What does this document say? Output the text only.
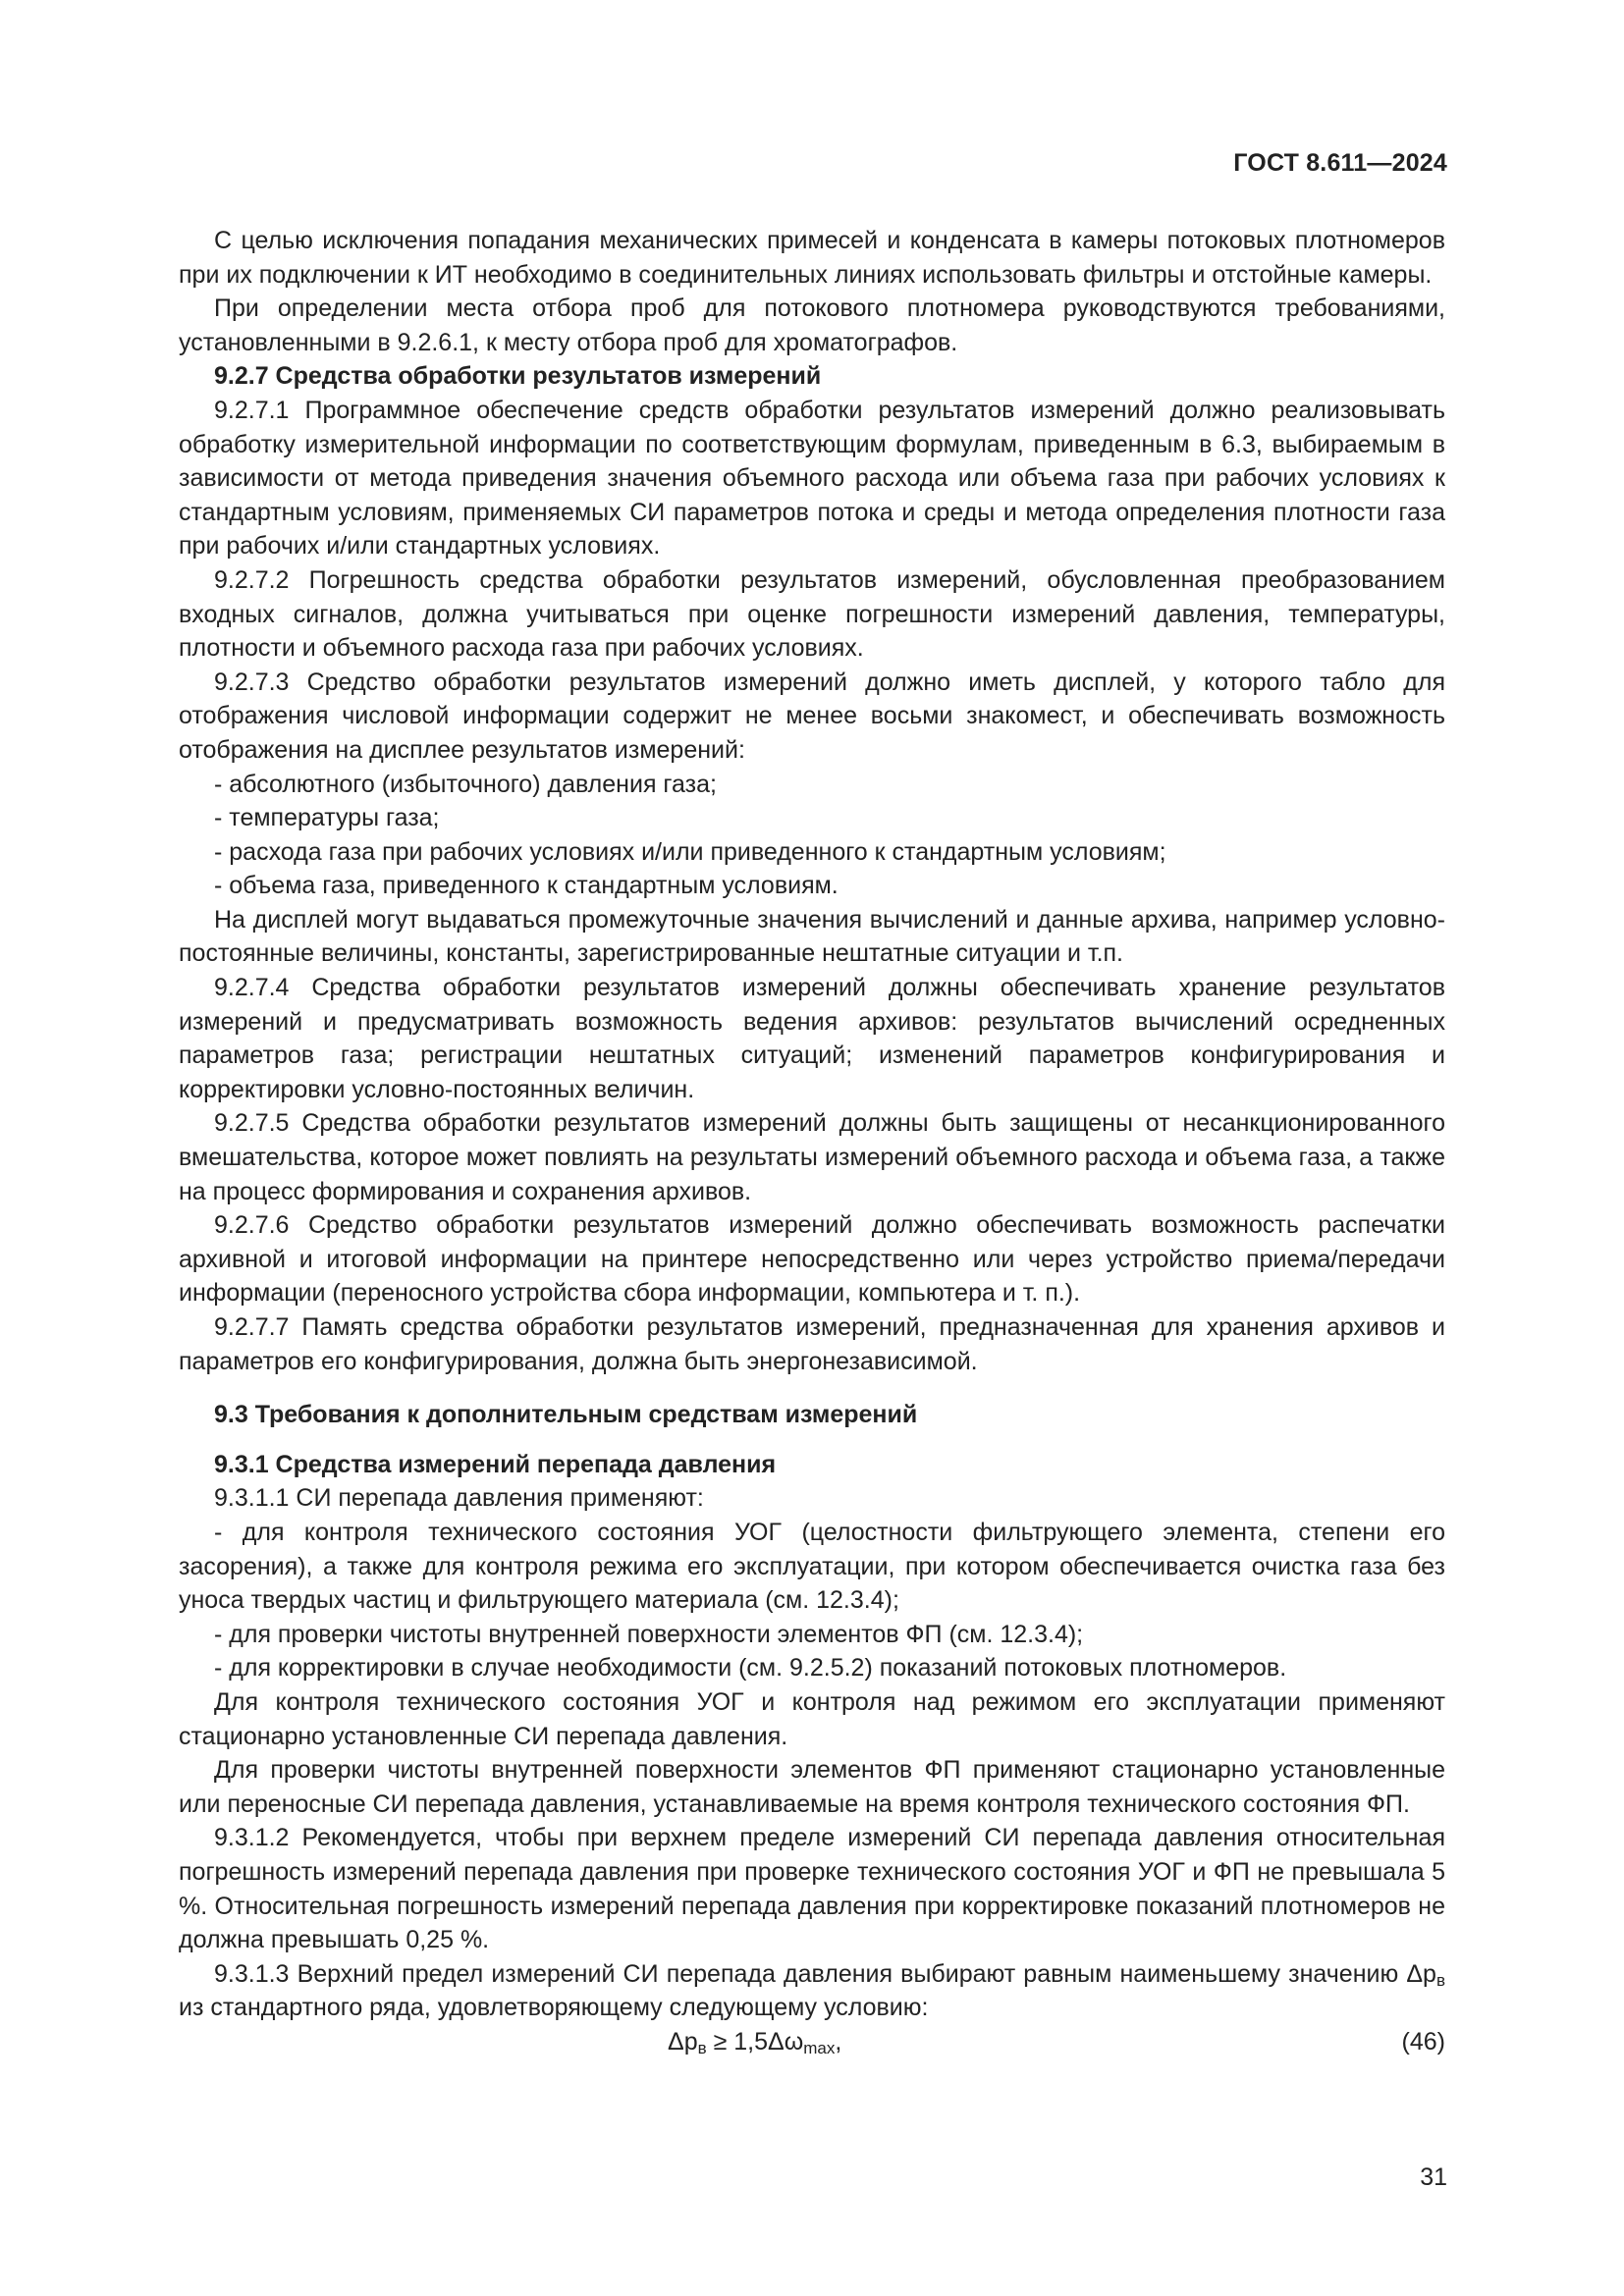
ГОСТ 8.611—2024

С целью исключения попадания механических примесей и конденсата в камеры потоковых плотномеров при их подключении к ИТ необходимо в соединительных линиях использовать фильтры и отстойные камеры.

При определении места отбора проб для потокового плотномера руководствуются требованиями, установленными в 9.2.6.1, к месту отбора проб для хроматографов.

9.2.7 Средства обработки результатов измерений

9.2.7.1 Программное обеспечение средств обработки результатов измерений должно реализовывать обработку измерительной информации по соответствующим формулам, приведенным в 6.3, выбираемым в зависимости от метода приведения значения объемного расхода или объема газа при рабочих условиях к стандартным условиям, применяемых СИ параметров потока и среды и метода определения плотности газа при рабочих и/или стандартных условиях.

9.2.7.2 Погрешность средства обработки результатов измерений, обусловленная преобразованием входных сигналов, должна учитываться при оценке погрешности измерений давления, температуры, плотности и объемного расхода газа при рабочих условиях.

9.2.7.3 Средство обработки результатов измерений должно иметь дисплей, у которого табло для отображения числовой информации содержит не менее восьми знакомест, и обеспечивать возможность отображения на дисплее результатов измерений:

- абсолютного (избыточного) давления газа;

- температуры газа;

- расхода газа при рабочих условиях и/или приведенного к стандартным условиям;

- объема газа, приведенного к стандартным условиям.

На дисплей могут выдаваться промежуточные значения вычислений и данные архива, например условно-постоянные величины, константы, зарегистрированные нештатные ситуации и т.п.

9.2.7.4 Средства обработки результатов измерений должны обеспечивать хранение результатов измерений и предусматривать возможность ведения архивов: результатов вычислений осредненных параметров газа; регистрации нештатных ситуаций; изменений параметров конфигурирования и корректировки условно-постоянных величин.

9.2.7.5 Средства обработки результатов измерений должны быть защищены от несанкционированного вмешательства, которое может повлиять на результаты измерений объемного расхода и объема газа, а также на процесс формирования и сохранения архивов.

9.2.7.6 Средство обработки результатов измерений должно обеспечивать возможность распечатки архивной и итоговой информации на принтере непосредственно или через устройство приема/передачи информации (переносного устройства сбора информации, компьютера и т. п.).

9.2.7.7 Память средства обработки результатов измерений, предназначенная для хранения архивов и параметров его конфигурирования, должна быть энергонезависимой.

9.3 Требования к дополнительным средствам измерений

9.3.1 Средства измерений перепада давления

9.3.1.1 СИ перепада давления применяют:

- для контроля технического состояния УОГ (целостности фильтрующего элемента, степени его засорения), а также для контроля режима его эксплуатации, при котором обеспечивается очистка газа без уноса твердых частиц и фильтрующего материала (см. 12.3.4);

- для проверки чистоты внутренней поверхности элементов ФП (см. 12.3.4);

- для корректировки в случае необходимости (см. 9.2.5.2) показаний потоковых плотномеров.

Для контроля технического состояния УОГ и контроля над режимом его эксплуатации применяют стационарно установленные СИ перепада давления.

Для проверки чистоты внутренней поверхности элементов ФП применяют стационарно установленные или переносные СИ перепада давления, устанавливаемые на время контроля технического состояния ФП.

9.3.1.2 Рекомендуется, чтобы при верхнем пределе измерений СИ перепада давления относительная погрешность измерений перепада давления при проверке технического состояния УОГ и ФП не превышала 5 %. Относительная погрешность измерений перепада давления при корректировке показаний плотномеров не должна превышать 0,25 %.

9.3.1.3 Верхний предел измерений СИ перепада давления выбирают равным наименьшему значению $\Delta p_в$ из стандартного ряда, удовлетворяющему следующему условию:

$\Delta p_в \ge 1,5\Delta\omega_{max}$,	(46)
31
